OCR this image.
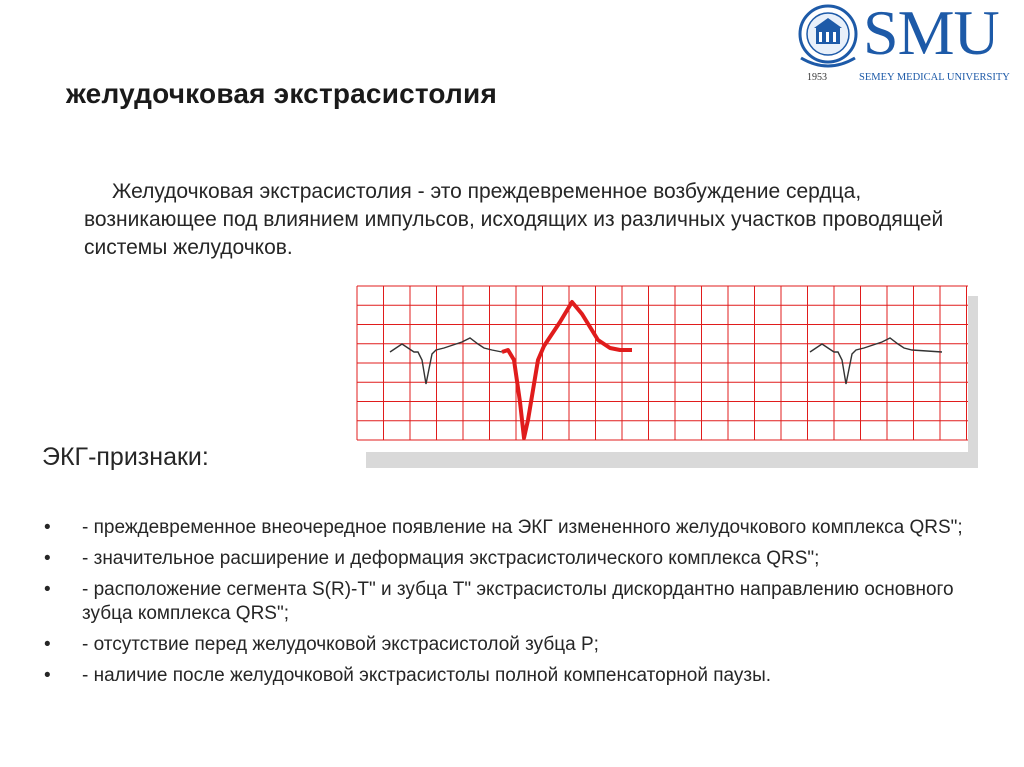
желудочковая экстрасистолия
SMU
1953	SEMEY MEDICAL UNIVERSITY
Желудочковая экстрасистолия - это преждевременное возбуждение сердца, возникающее под влиянием импульсов, исходящих из различных участков проводящей системы желудочков.
ЭКГ-признаки:
• - преждевременное внеочередное появление на ЭКГ измененного желудочкового комплекса QRS";
• - значительное расширение и деформация экстрасистолического комплекса QRS";
• - расположение сегмента S(R)-T" и зубца T" экстрасистолы дискордантно направлению основного зубца комплекса QRS";
• - отсутствие перед желудочковой экстрасистолой зубца P;
• - наличие после желудочковой экстрасистолы полной компенсаторной паузы.
